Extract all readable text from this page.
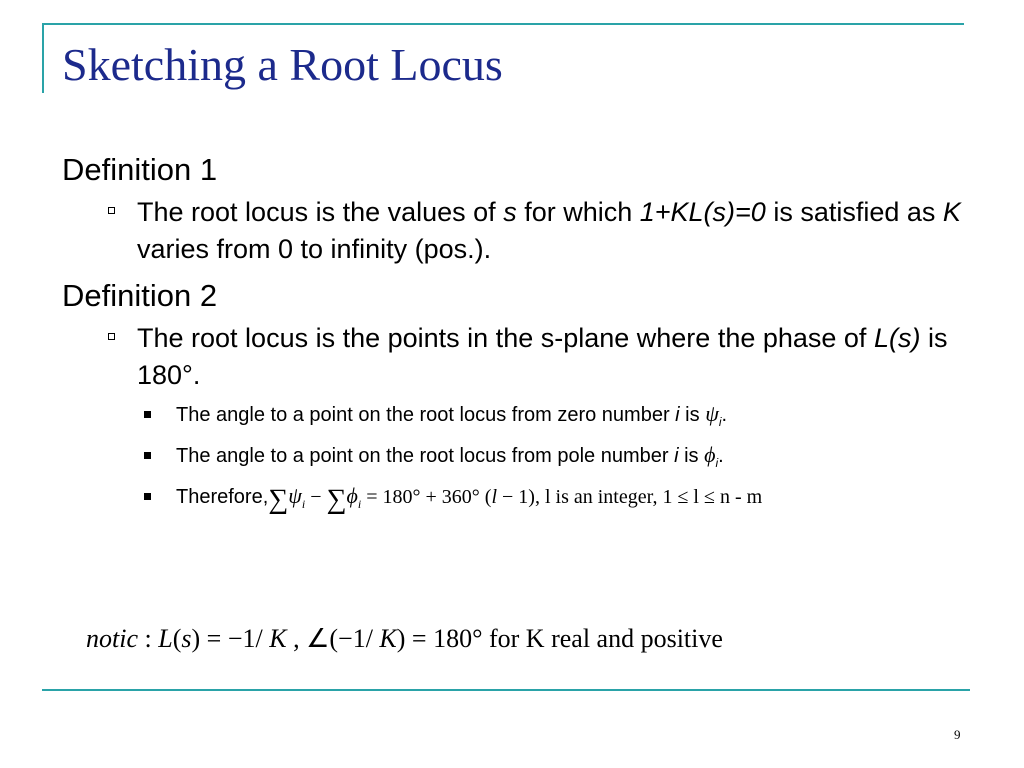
Sketching a Root Locus
Definition 1
The root locus is the values of s for which 1+KL(s)=0 is satisfied as K varies from 0 to infinity (pos.).
Definition 2
The root locus is the points in the s-plane where the phase of L(s) is 180°.
The angle to a point on the root locus from zero number i is $\psi_i$.
The angle to a point on the root locus from pole number i is $\phi_i$.
$Therefore,\sum\psi_i - \sum\phi_i = 180^\circ + 360^\circ$ (l − 1), l is an integer, 1 ≤ l ≤ n - m
notic : L(s) = −1/ K , ∠(−1/ K) = 180° for K real and positive
9
